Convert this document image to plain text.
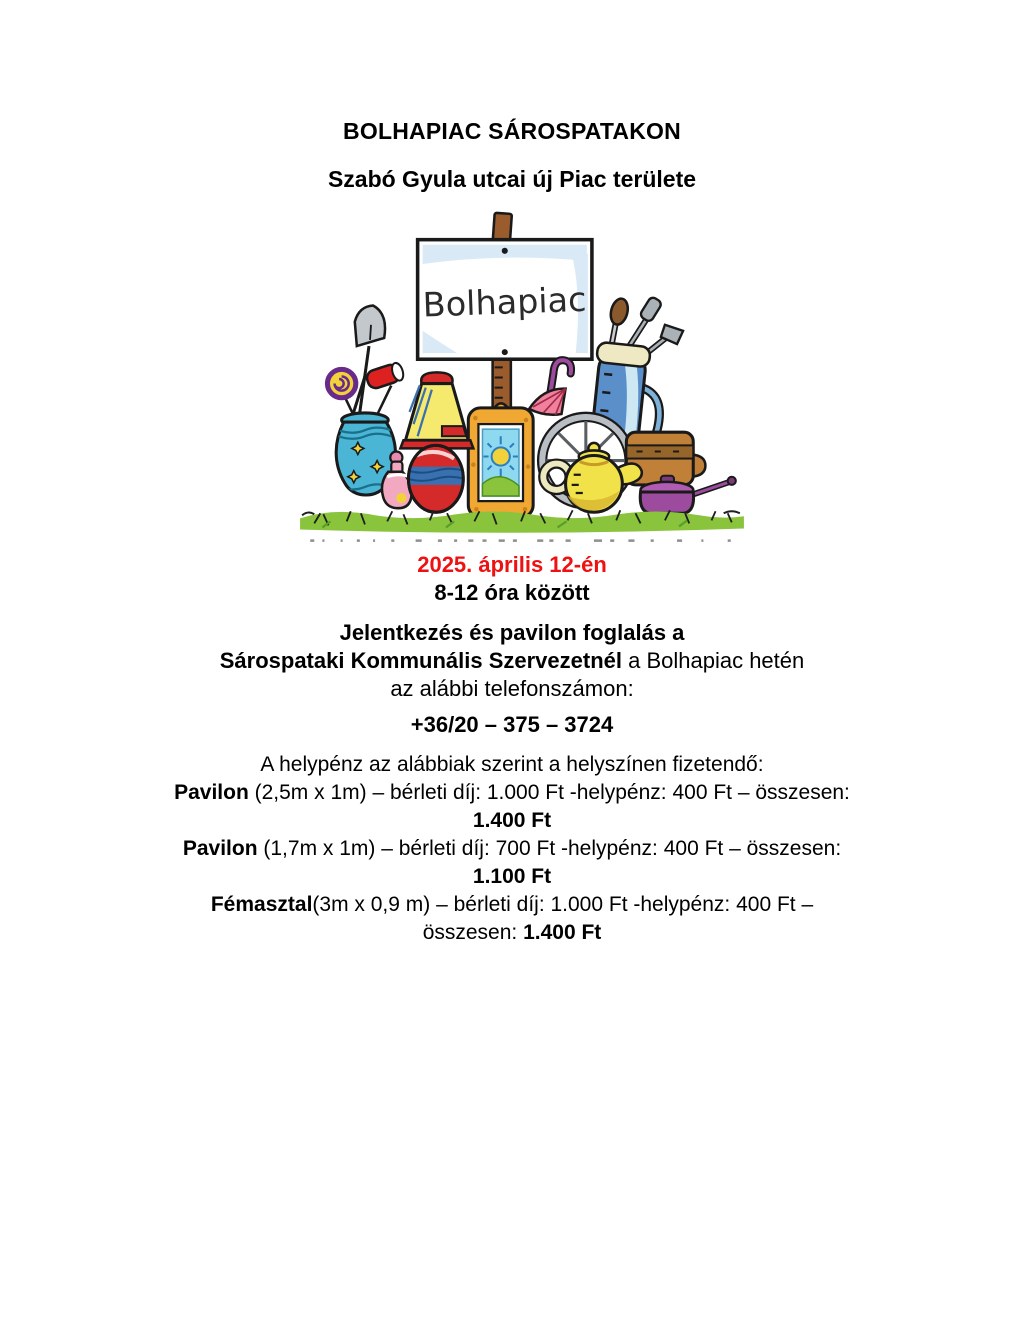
BOLHAPIAC SÁROSPATAKON
Szabó Gyula utcai új Piac területe
Bolhapiac

2025. április 12-én

8-12 óra között

Jelentkezés és pavilon foglalás a
Sárospataki Kommunális Szervezetnél a Bolhapiac hetén
az alábbi telefonszámon:

+36/20 – 375 – 3724

A helypénz az alábbiak szerint a helyszínen fizetendő:
Pavilon (2,5m x 1m) – bérleti díj: 1.000 Ft -helypénz: 400 Ft – összesen:
1.400 Ft
Pavilon (1,7m x 1m) – bérleti díj: 700 Ft -helypénz: 400 Ft – összesen:
1.100 Ft
Fémasztal(3m x 0,9 m) – bérleti díj: 1.000 Ft -helypénz: 400 Ft –
összesen: 1.400 Ft
